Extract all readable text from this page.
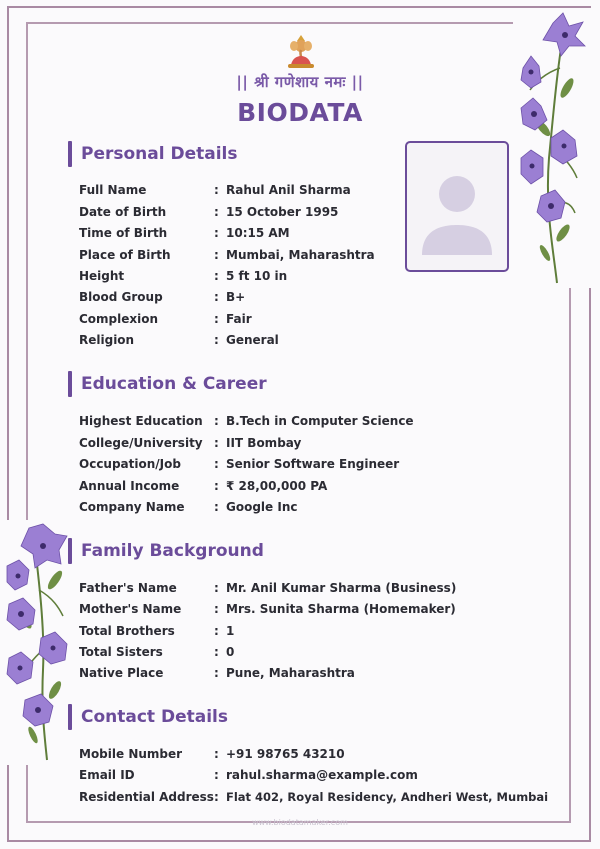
|| श्री गणेशाय नमः ||
BIODATA
Personal Details
Full Name	: Rahul Anil Sharma
Date of Birth	: 15 October 1995
Time of Birth	: 10:15 AM
Place of Birth	: Mumbai, Maharashtra
Height	: 5 ft 10 in
Blood Group	: B+
Complexion	: Fair
Religion	: General
Education & Career
Highest Education : B.Tech in Computer Science
College/University : IIT Bombay
Occupation/Job	: Senior Software Engineer
Annual Income	: ₹ 28,00,000 PA
Company Name	: Google Inc
Family Background
Father's Name	: Mr. Anil Kumar Sharma (Business)
Mother's Name	: Mrs. Sunita Sharma (Homemaker)
Total Brothers	: 1
Total Sisters	: 0
Native Place	: Pune, Maharashtra
Contact Details
Mobile Number	: +91 98765 43210
Email ID	: rahul.sharma@example.com
Residential Address : Flat 402, Royal Residency, Andheri West, Mumbai
www.biodatamaker.com
